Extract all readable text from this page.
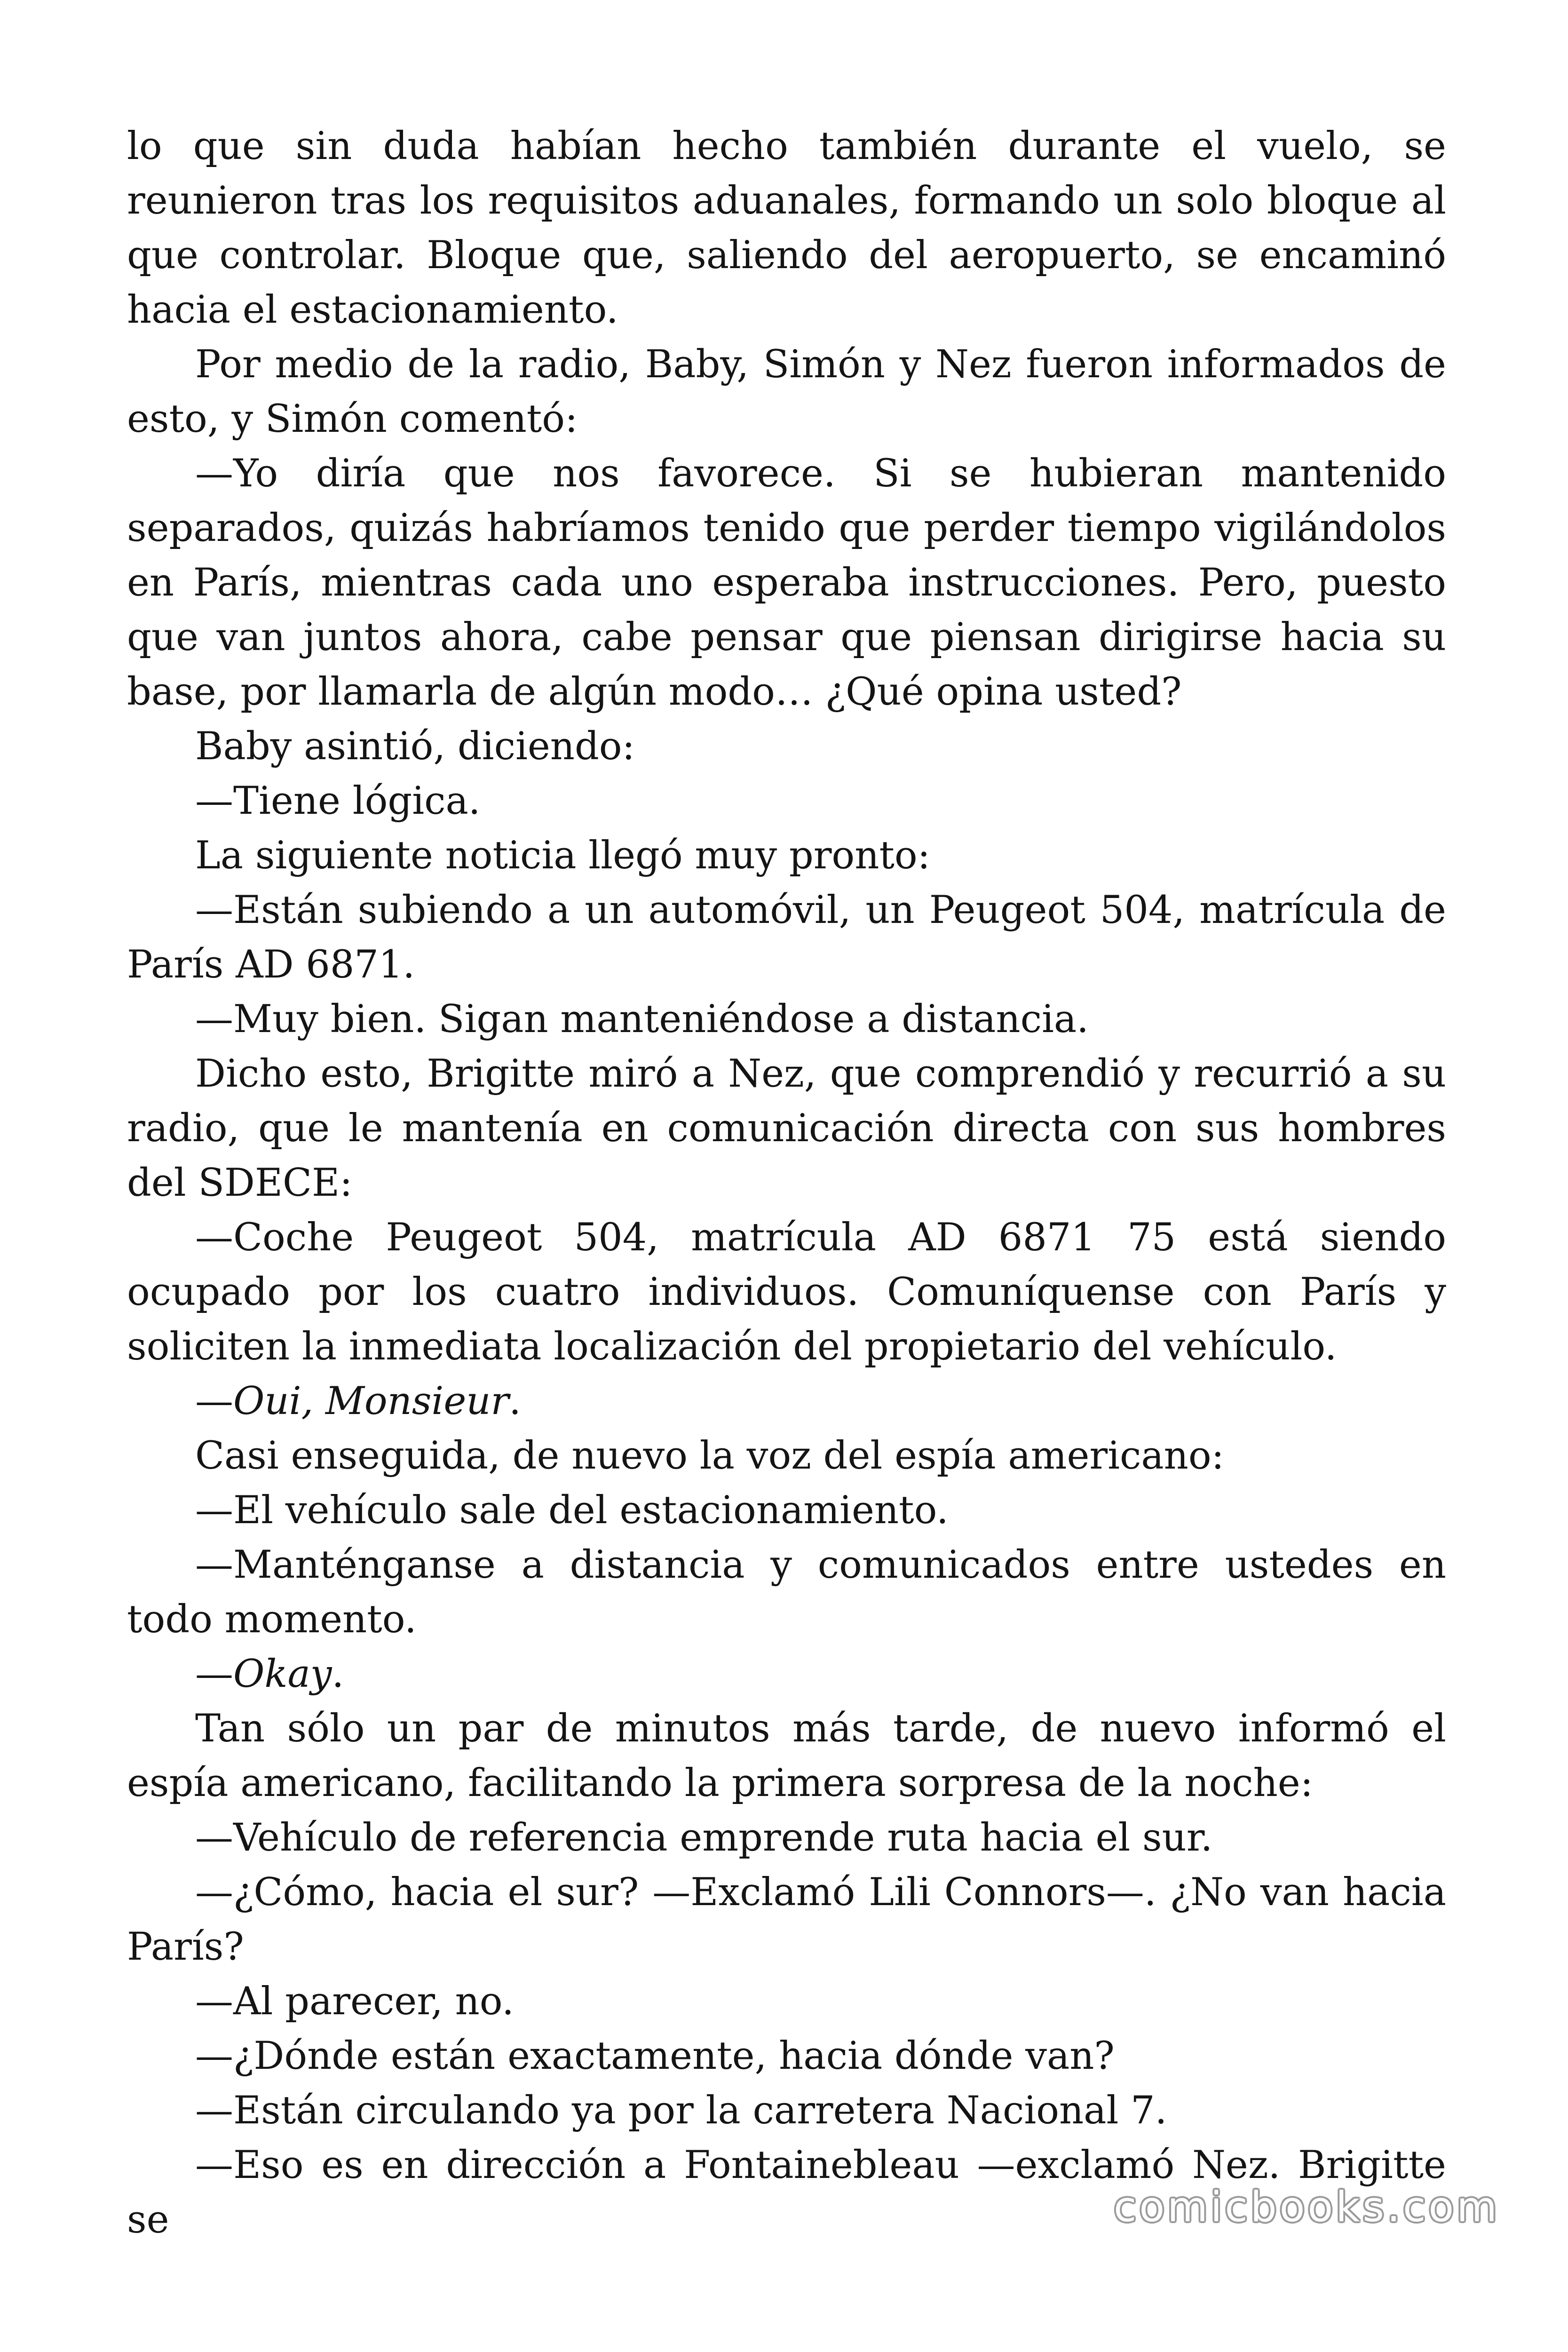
lo que sin duda habían hecho también durante el vuelo, se reunieron tras los requisitos aduanales, formando un solo bloque al que controlar. Bloque que, saliendo del aeropuerto, se encaminó hacia el estacionamiento.

Por medio de la radio, Baby, Simón y Nez fueron informados de esto, y Simón comentó:

—Yo diría que nos favorece. Si se hubieran mantenido separados, quizás habríamos tenido que perder tiempo vigilándolos en París, mientras cada uno esperaba instrucciones. Pero, puesto que van juntos ahora, cabe pensar que piensan dirigirse hacia su base, por llamarla de algún modo… ¿Qué opina usted?

Baby asintió, diciendo:

—Tiene lógica.

La siguiente noticia llegó muy pronto:

—Están subiendo a un automóvil, un Peugeot 504, matrícula de París AD 6871.

—Muy bien. Sigan manteniéndose a distancia.

Dicho esto, Brigitte miró a Nez, que comprendió y recurrió a su radio, que le mantenía en comunicación directa con sus hombres del SDECE:

—Coche Peugeot 504, matrícula AD 6871 75 está siendo ocupado por los cuatro individuos. Comuníquense con París y soliciten la inmediata localización del propietario del vehículo.

—Oui, Monsieur.

Casi enseguida, de nuevo la voz del espía americano:

—El vehículo sale del estacionamiento.

—Manténganse a distancia y comunicados entre ustedes en todo momento.

—Okay.

Tan sólo un par de minutos más tarde, de nuevo informó el espía americano, facilitando la primera sorpresa de la noche:

—Vehículo de referencia emprende ruta hacia el sur.

—¿Cómo, hacia el sur? —Exclamó Lili Connors—. ¿No van hacia París?

—Al parecer, no.

—¿Dónde están exactamente, hacia dónde van?

—Están circulando ya por la carretera Nacional 7.

—Eso es en dirección a Fontainebleau —exclamó Nez. Brigitte se	comicbooks.com
